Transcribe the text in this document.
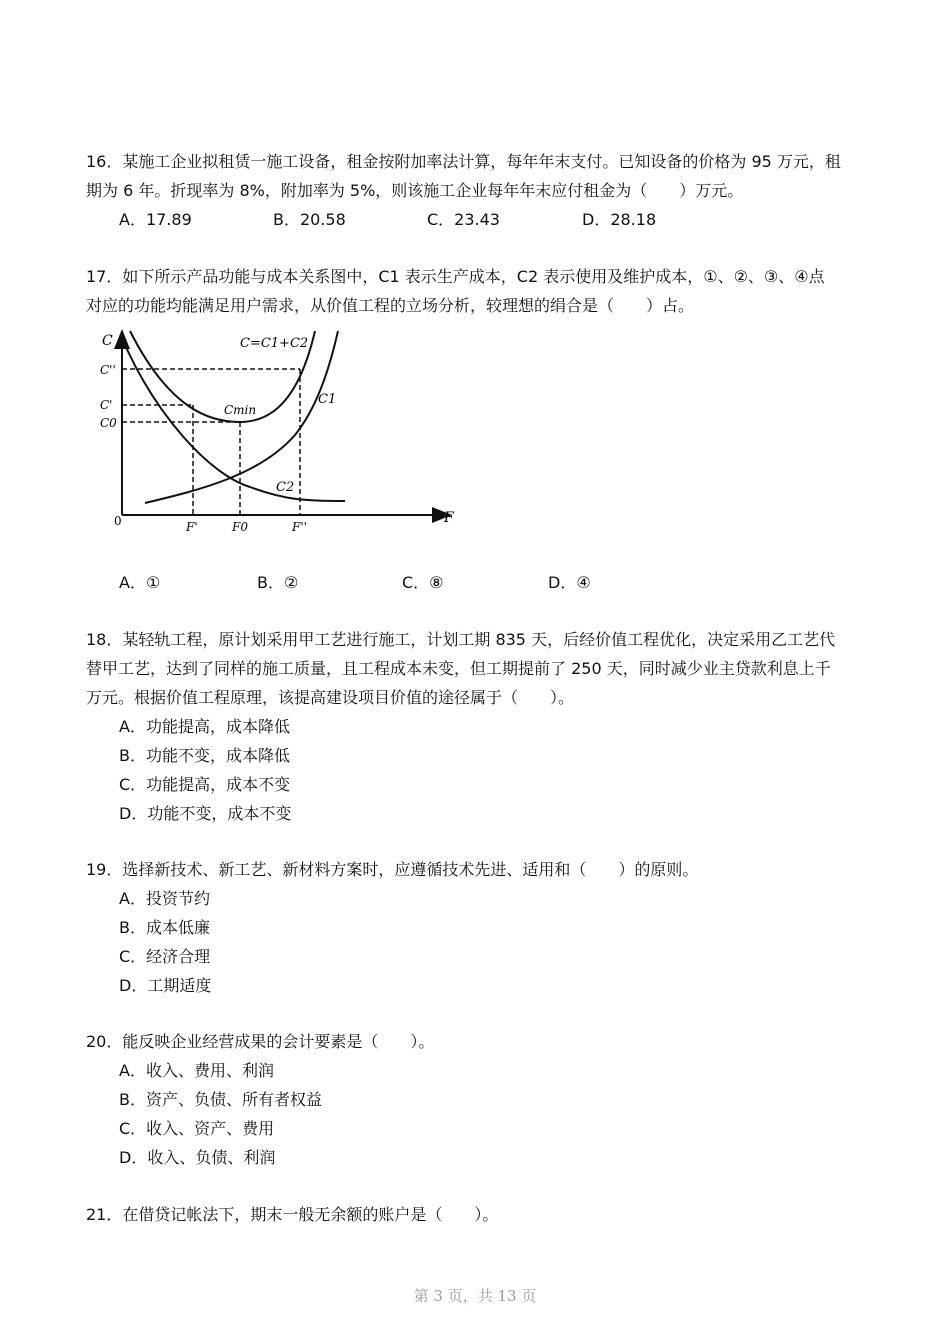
16．某施工企业拟租赁一施工设备，租金按附加率法计算，每年年末支付。已知设备的价格为 95 万元，租
期为 6 年。折现率为 8%，附加率为 5%，则该施工企业每年年末应付租金为（　　）万元。
A．17.89	B．20.58	C．23.43	D．28.18
17．如下所示产品功能与成本关系图中，C1 表示生产成本，C2 表示使用及维护成本，①、②、③、④点
对应的功能均能满足用户需求，从价值工程的立场分析，较理想的绢合是（　　）占。
C
F
0
C=C1+C2
C1
C2
Cmin
C''
C'
C0
F'	F0	F''
A．①	B．②	C．⑧	D．④
18．某轻轨工程，原计划采用甲工艺进行施工，计划工期 835 天，后经价值工程优化，决定采用乙工艺代
替甲工艺，达到了同样的施工质量，且工程成本未变，但工期提前了 250 天，同时减少业主贷款利息上千
万元。根据价值工程原理，该提高建设项目价值的途径属于（　　）。
A．功能提高，成本降低
B．功能不变，成本降低
C．功能提高，成本不变
D．功能不变，成本不变
19．选择新技术、新工艺、新材料方案时，应遵循技术先进、适用和（　　）的原则。
A．投资节约
B．成本低廉
C．经济合理
D．工期适度
20．能反映企业经营成果的会计要素是（　　）。
A．收入、费用、利润
B．资产、负债、所有者权益
C．收入、资产、费用
D．收入、负债、利润
21．在借贷记帐法下，期末一般无余额的账户是（　　）。
第 3 页，共 13 页
